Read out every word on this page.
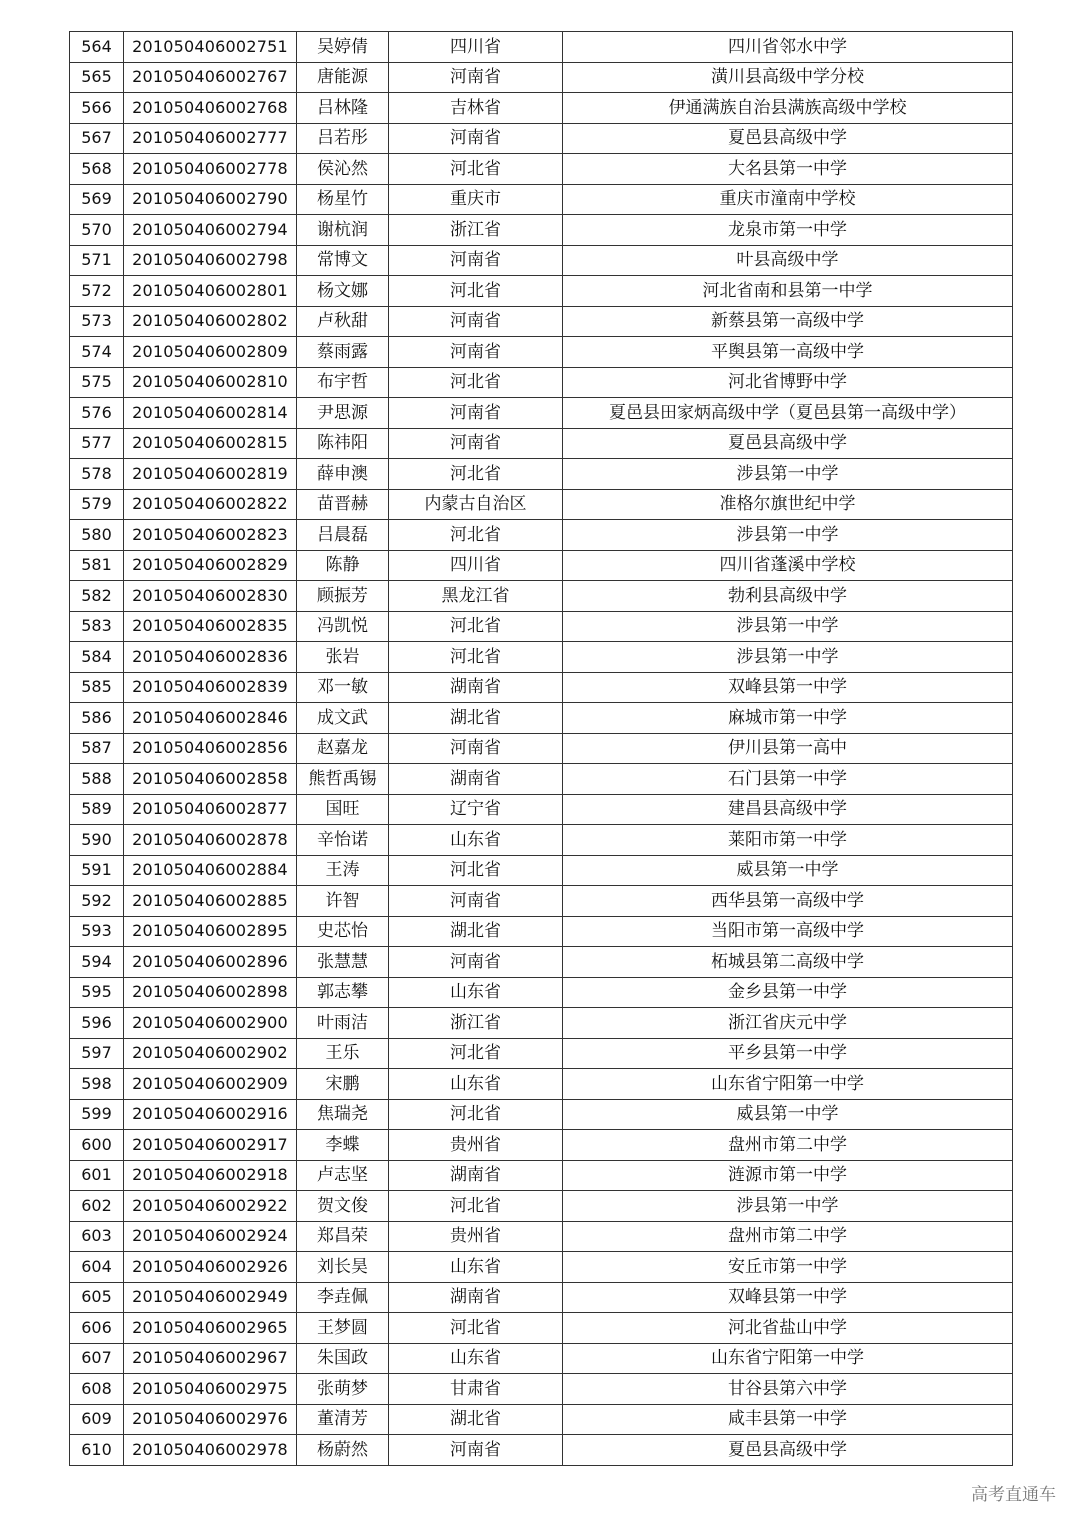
564	201050406002751	吴婷倩	四川省	四川省邻水中学
565	201050406002767	唐能源	河南省	潢川县高级中学分校
566	201050406002768	吕林隆	吉林省	伊通满族自治县满族高级中学校
567	201050406002777	吕若彤	河南省	夏邑县高级中学
568	201050406002778	侯沁然	河北省	大名县第一中学
569	201050406002790	杨星竹	重庆市	重庆市潼南中学校
570	201050406002794	谢杭润	浙江省	龙泉市第一中学
571	201050406002798	常博文	河南省	叶县高级中学
572	201050406002801	杨文娜	河北省	河北省南和县第一中学
573	201050406002802	卢秋甜	河南省	新蔡县第一高级中学
574	201050406002809	蔡雨露	河南省	平舆县第一高级中学
575	201050406002810	布宇哲	河北省	河北省博野中学
576	201050406002814	尹思源	河南省	夏邑县田家炳高级中学（夏邑县第一高级中学）
577	201050406002815	陈祎阳	河南省	夏邑县高级中学
578	201050406002819	薛申澳	河北省	涉县第一中学
579	201050406002822	苗晋赫	内蒙古自治区	准格尔旗世纪中学
580	201050406002823	吕晨磊	河北省	涉县第一中学
581	201050406002829	陈静	四川省	四川省蓬溪中学校
582	201050406002830	顾振芳	黑龙江省	勃利县高级中学
583	201050406002835	冯凯悦	河北省	涉县第一中学
584	201050406002836	张岩	河北省	涉县第一中学
585	201050406002839	邓一敏	湖南省	双峰县第一中学
586	201050406002846	成文武	湖北省	麻城市第一中学
587	201050406002856	赵嘉龙	河南省	伊川县第一高中
588	201050406002858	熊哲禹锡	湖南省	石门县第一中学
589	201050406002877	国旺	辽宁省	建昌县高级中学
590	201050406002878	辛怡诺	山东省	莱阳市第一中学
591	201050406002884	王涛	河北省	威县第一中学
592	201050406002885	许智	河南省	西华县第一高级中学
593	201050406002895	史芯怡	湖北省	当阳市第一高级中学
594	201050406002896	张慧慧	河南省	柘城县第二高级中学
595	201050406002898	郭志攀	山东省	金乡县第一中学
596	201050406002900	叶雨洁	浙江省	浙江省庆元中学
597	201050406002902	王乐	河北省	平乡县第一中学
598	201050406002909	宋鹏	山东省	山东省宁阳第一中学
599	201050406002916	焦瑞尧	河北省	威县第一中学
600	201050406002917	李蝶	贵州省	盘州市第二中学
601	201050406002918	卢志坚	湖南省	涟源市第一中学
602	201050406002922	贺文俊	河北省	涉县第一中学
603	201050406002924	郑昌荣	贵州省	盘州市第二中学
604	201050406002926	刘长昊	山东省	安丘市第一中学
605	201050406002949	李垚佩	湖南省	双峰县第一中学
606	201050406002965	王梦圆	河北省	河北省盐山中学
607	201050406002967	朱国政	山东省	山东省宁阳第一中学
608	201050406002975	张萌梦	甘肃省	甘谷县第六中学
609	201050406002976	董清芳	湖北省	咸丰县第一中学
610	201050406002978	杨蔚然	河南省	夏邑县高级中学
高考直通车
